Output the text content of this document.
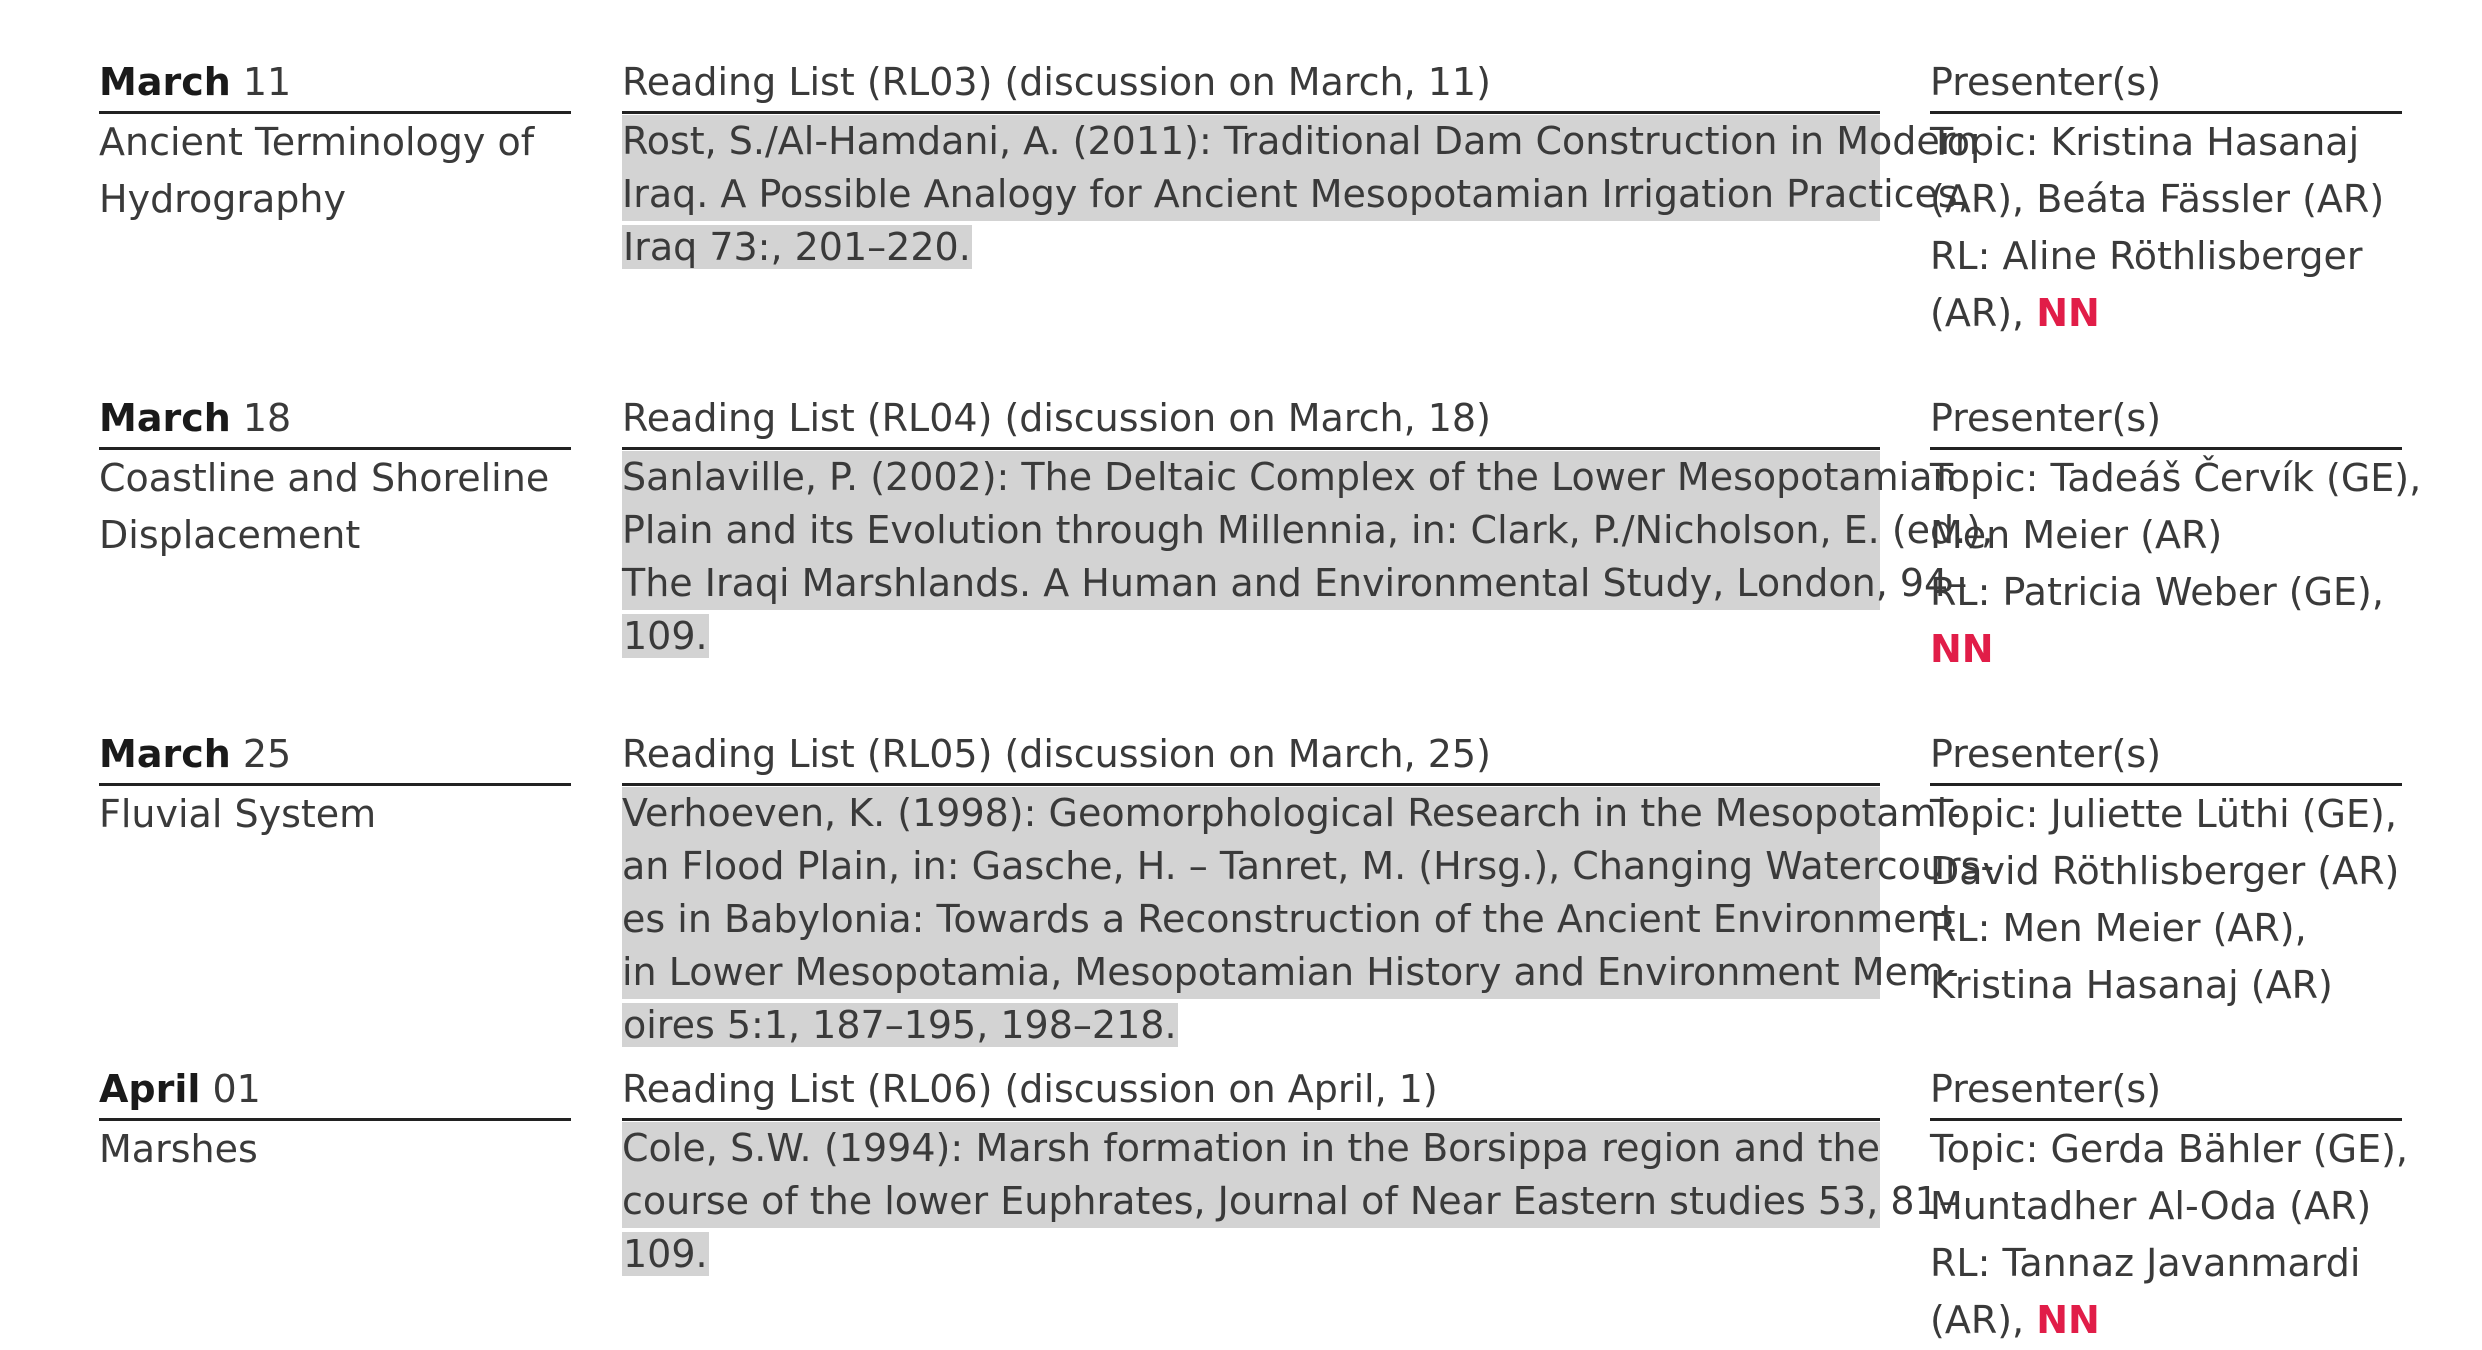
March 11
Ancient Terminology of
Hydrography
Reading List (RL03) (discussion on March, 11)
Rost, S./Al-Hamdani, A. (2011): Traditional Dam Construction in Modern
Iraq. A Possible Analogy for Ancient Mesopotamian Irrigation Practices,
Iraq 73:, 201–220.
Presenter(s)
Topic: Kristina Hasanaj
(AR), Beáta Fässler (AR)
RL: Aline Röthlisberger
(AR), NN
March 18
Coastline and Shoreline
Displacement
Reading List (RL04) (discussion on March, 18)
Sanlaville, P. (2002): The Deltaic Complex of the Lower Mesopotamian
Plain and its Evolution through Millennia, in: Clark, P./Nicholson, E. (ed.),
The Iraqi Marshlands. A Human and Environmental Study, London, 94–
109.
Presenter(s)
Topic: Tadeáš Červík (GE),
Men Meier (AR)
RL: Patricia Weber (GE),
NN
March 25
Fluvial System
Reading List (RL05) (discussion on March, 25)
Verhoeven, K. (1998): Geomorphological Research in the Mesopotami-
an Flood Plain, in: Gasche, H. – Tanret, M. (Hrsg.), Changing Watercours-
es in Babylonia: Towards a Reconstruction of the Ancient Environment
in Lower Mesopotamia, Mesopotamian History and Environment Mem-
oires 5:1, 187–195, 198–218.
Presenter(s)
Topic: Juliette Lüthi (GE),
David Röthlisberger (AR)
RL: Men Meier (AR),
Kristina Hasanaj (AR)
April 01
Marshes
Reading List (RL06) (discussion on April, 1)
Cole, S.W. (1994): Marsh formation in the Borsippa region and the
course of the lower Euphrates, Journal of Near Eastern studies 53, 81–
109.
Presenter(s)
Topic: Gerda Bähler (GE),
Muntadher Al-Oda (AR)
RL: Tannaz Javanmardi
(AR), NN
